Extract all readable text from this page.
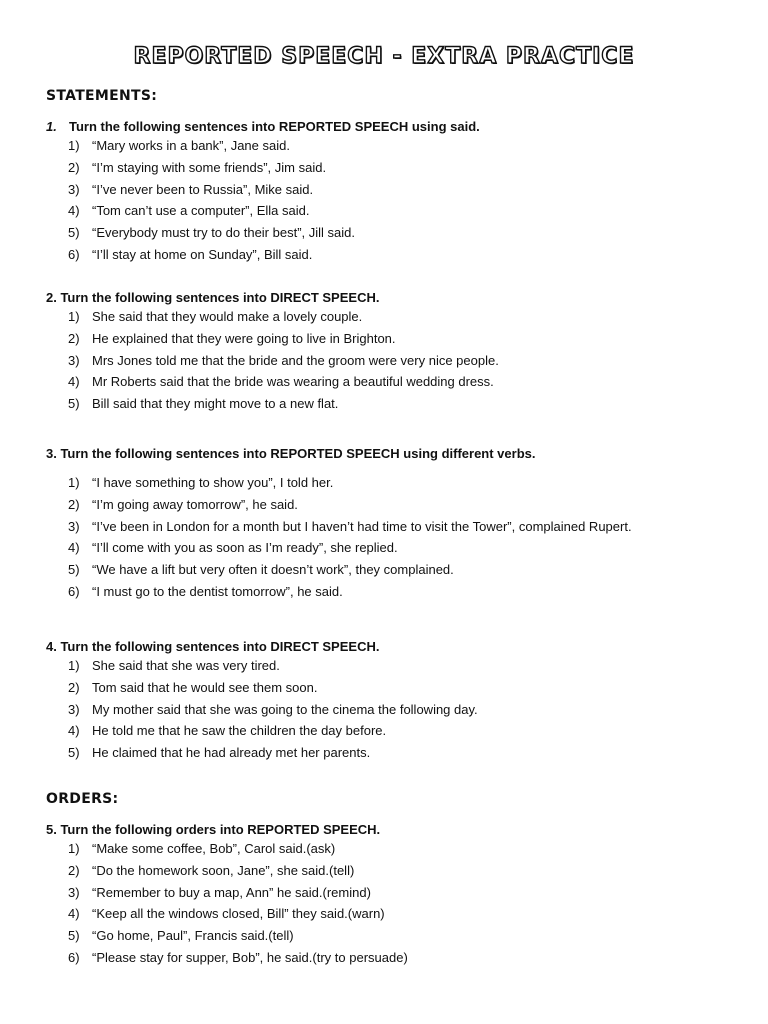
REPORTED SPEECH - EXTRA PRACTICE
STATEMENTS:

1. Turn the following sentences into REPORTED SPEECH using said.

1) “Mary works in a bank”, Jane said.
2) “I’m staying with some friends”, Jim said.
3) “I’ve never been to Russia”, Mike said.
4) “Tom can’t use a computer”, Ella said.
5) “Everybody must try to do their best”, Jill said.
6) “I’ll stay at home on Sunday”, Bill said.

2. Turn the following sentences into DIRECT SPEECH.

1) She said that they would make a lovely couple.
2) He explained that they were going to live in Brighton.
3) Mrs Jones told me that the bride and the groom were very nice people.
4) Mr Roberts said that the bride was wearing a beautiful wedding dress.
5) Bill said that they might move to a new flat.

3. Turn the following sentences into REPORTED SPEECH using different verbs.

1) “I have something to show you”, I told her.
2) “I’m going away tomorrow”, he said.
3) “I’ve been in London for a month but I haven’t had time to visit the Tower”, complained Rupert.
4) “I’ll come with you as soon as I’m ready”, she replied.
5) “We have a lift but very often it doesn’t work”, they complained.
6) “I must go to the dentist tomorrow”, he said.

4. Turn the following sentences into DIRECT SPEECH.

1) She said that she was very tired.
2) Tom said that he would see them soon.
3) My mother said that she was going to the cinema the following day.
4) He told me that he saw the children the day before.
5) He claimed that he had already met her parents.
ORDERS:

5. Turn the following orders into REPORTED SPEECH.

1) “Make some coffee, Bob”, Carol said.(ask)
2) “Do the homework soon, Jane”, she said.(tell)
3) “Remember to buy a map, Ann” he said.(remind)
4) “Keep all the windows closed, Bill” they said.(warn)
5) “Go home, Paul”, Francis said.(tell)
6) “Please stay for supper, Bob”, he said.(try to persuade)
